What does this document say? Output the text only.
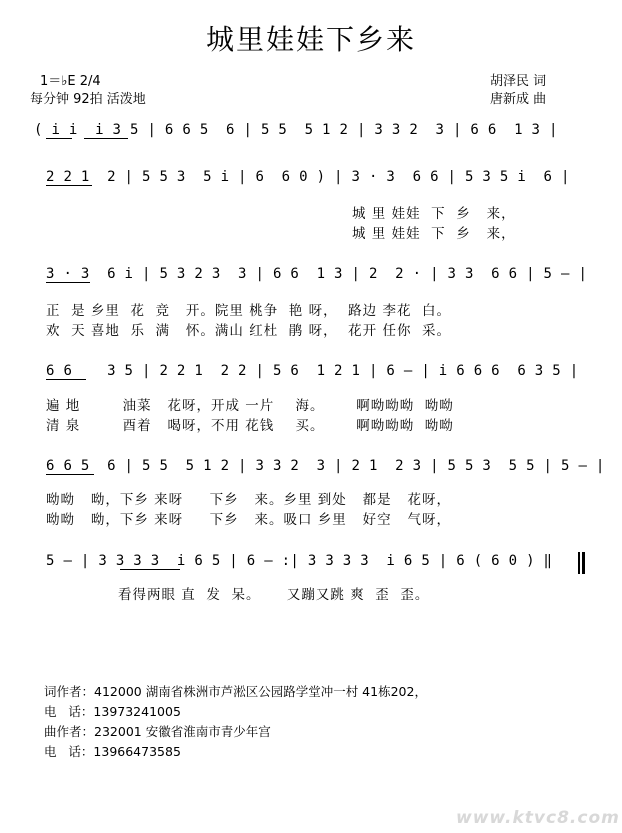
城里娃娃下乡来
1＝♭E 2/4
每分钟 92拍 活泼地
胡泽民 词
唐新成 曲
( i i  i 3 5 | 6 6 5  6 | 5 5  5 1 2 | 3 3 2  3 | 6 6  1 3 |
2 2 1  2 | 5 5 3  5 i | 6  6 0 ) | 3 · 3  6 6 | 5 3 5 i  6 |
城 里 娃娃  下  乡   来，
城 里 娃娃  下  乡   来，
3 · 3  6 i | 5 3 2 3  3 | 6 6  1 3 | 2  2 · | 3 3  6 6 | 5 — |
正  是 乡里  花  竞   开。院里 桃争  艳 呀，  路边 李花  白。
欢  天 喜地  乐  满   怀。满山 红杜  鹃 呀，  花开 任你  采。
6 6    3 5 | 2 2 1  2 2 | 5 6  1 2 1 | 6 — | i 6 6 6  6 3 5 |
遍 地        油菜   花呀，开成 一片    海。      啊呦呦呦  呦呦
清 泉        酉着   喝呀，不用 花钱    买。      啊呦呦呦  呦呦
6 6 5  6 | 5 5  5 1 2 | 3 3 2  3 | 2 1  2 3 | 5 5 3  5 5 | 5 — |
呦呦   呦，下乡 来呀     下乡   来。乡里 到处   都是   花呀，
呦呦   呦，下乡 来呀     下乡   来。吸口 乡里   好空   气呀，
5 — | 3 3 3 3  i 6 5 | 6 — :| 3 3 3 3  i 6 5 | 6 ( 6 0 ) ‖
看得两眼 直  发  呆。     又蹦又跳 爽  歪  歪。
词作者：412000 湖南省株洲市芦淞区公园路学堂冲一村 41栋202，
电   话：13973241005
曲作者：232001 安徽省淮南市青少年宫
电   话：13966473585
www.ktvc8.com
